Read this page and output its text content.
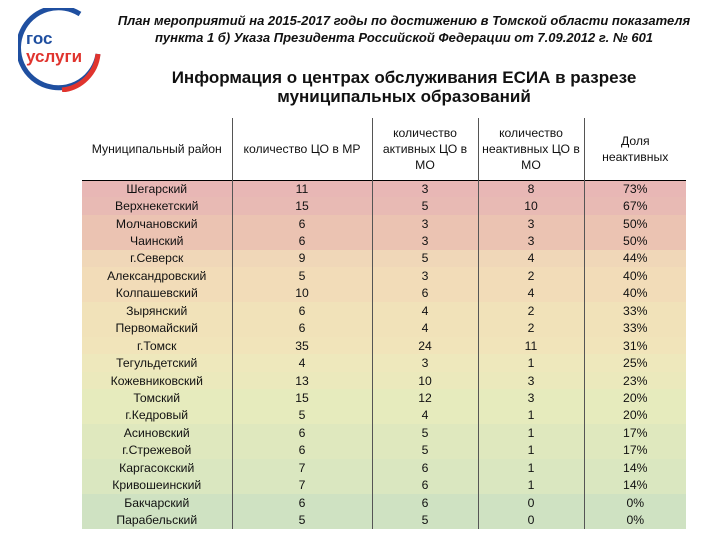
гос
услуги
План мероприятий на 2015-2017 годы по достижению в Томской области показателя пункта 1 б) Указа Президента Российской Федерации от 7.09.2012 г. № 601
Информация о центрах обслуживания ЕСИА в разрезе муниципальных образований
Муниципальный район	количество ЦО в МР	количество активных ЦО в МО	количество неактивных ЦО в МО	Доля неактивных
Шегарский	11	3	8	73%
Верхнекетский	15	5	10	67%
Молчановский	6	3	3	50%
Чаинский	6	3	3	50%
г.Северск	9	5	4	44%
Александровский	5	3	2	40%
Колпашевский	10	6	4	40%
Зырянский	6	4	2	33%
Первомайский	6	4	2	33%
г.Томск	35	24	11	31%
Тегульдетский	4	3	1	25%
Кожевниковский	13	10	3	23%
Томский	15	12	3	20%
г.Кедровый	5	4	1	20%
Асиновский	6	5	1	17%
г.Стрежевой	6	5	1	17%
Каргасокский	7	6	1	14%
Кривошеинский	7	6	1	14%
Бакчарский	6	6	0	0%
Парабельский	5	5	0	0%
